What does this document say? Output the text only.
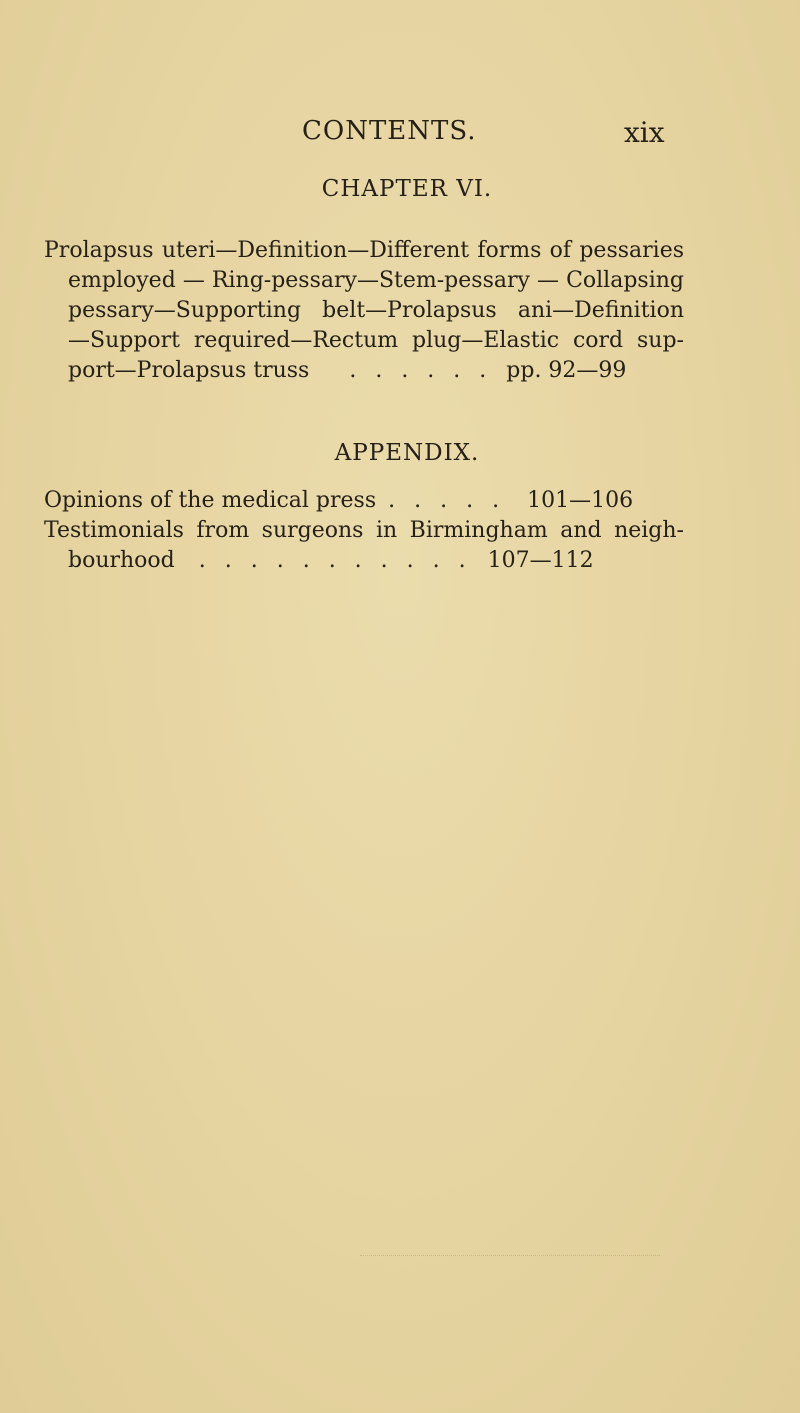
CONTENTS.	xix
CHAPTER VI.
Prolapsus uteri—Definition—Different forms of pessaries
employed — Ring-pessary—Stem-pessary — Collapsing
pessary—Supporting belt—Prolapsus ani—Definition
—Support required—Rectum plug—Elastic cord sup-
port—Prolapsus truss . . . . . . pp. 92—99
APPENDIX.
Opinions of the medical press . . . . . 101—106
Testimonials from surgeons in Birmingham and neigh-
bourhood . . . . . . . . . . . 107—112
